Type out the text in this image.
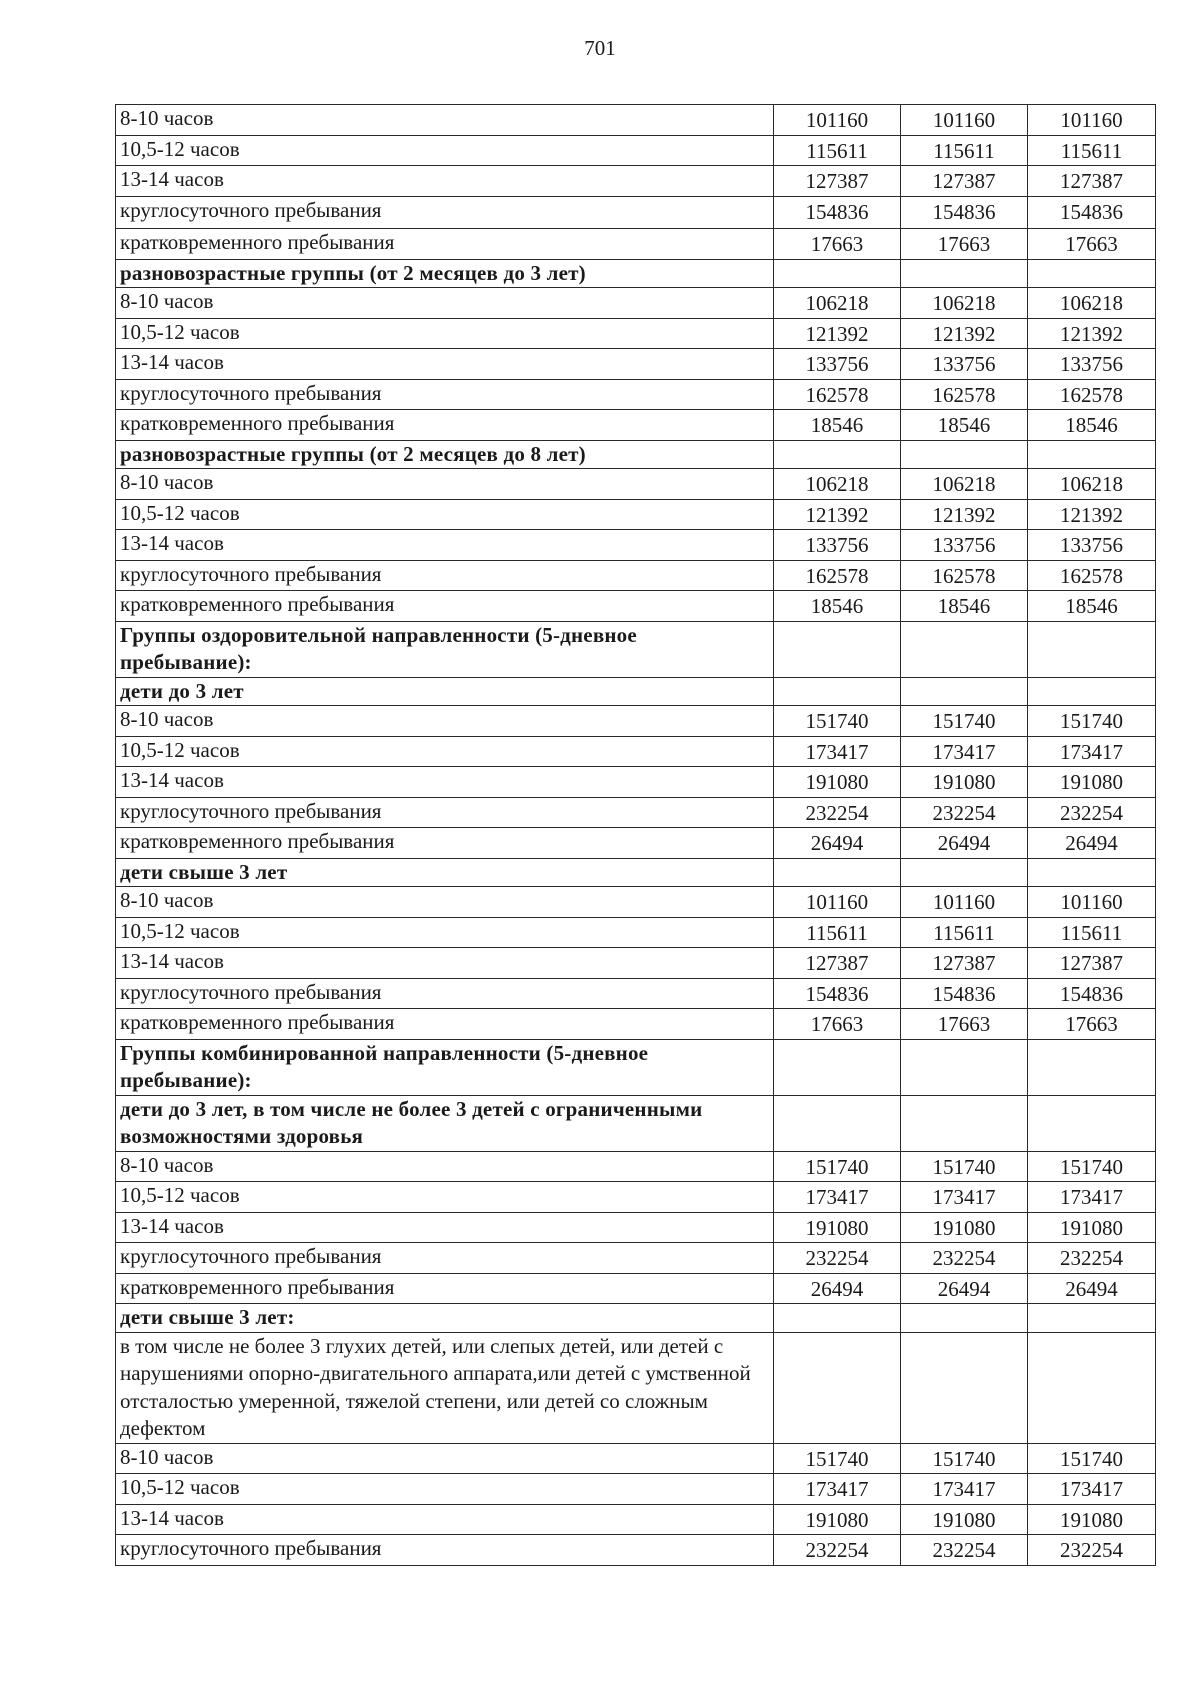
701
8-10 часов	101160	101160	101160
10,5-12 часов	115611	115611	115611
13-14 часов	127387	127387	127387
круглосуточного пребывания	154836	154836	154836
кратковременного пребывания	17663	17663	17663
разновозрастные группы (от 2 месяцев до 3 лет)			
8-10 часов	106218	106218	106218
10,5-12 часов	121392	121392	121392
13-14 часов	133756	133756	133756
круглосуточного пребывания	162578	162578	162578
кратковременного пребывания	18546	18546	18546
разновозрастные группы (от 2 месяцев до 8 лет)			
8-10 часов	106218	106218	106218
10,5-12 часов	121392	121392	121392
13-14 часов	133756	133756	133756
круглосуточного пребывания	162578	162578	162578
кратковременного пребывания	18546	18546	18546
Группы оздоровительной направленности (5-дневное пребывание):			
дети до 3 лет			
8-10 часов	151740	151740	151740
10,5-12 часов	173417	173417	173417
13-14 часов	191080	191080	191080
круглосуточного пребывания	232254	232254	232254
кратковременного пребывания	26494	26494	26494
дети свыше 3 лет			
8-10 часов	101160	101160	101160
10,5-12 часов	115611	115611	115611
13-14 часов	127387	127387	127387
круглосуточного пребывания	154836	154836	154836
кратковременного пребывания	17663	17663	17663
Группы комбинированной направленности (5-дневное пребывание):			
дети до 3 лет, в том числе не более 3 детей с ограниченными возможностями здоровья			
8-10 часов	151740	151740	151740
10,5-12 часов	173417	173417	173417
13-14 часов	191080	191080	191080
круглосуточного пребывания	232254	232254	232254
кратковременного пребывания	26494	26494	26494
дети свыше 3 лет:			
в том числе не более 3 глухих детей, или слепых детей, или детей с нарушениями опорно-двигательного аппарата,или детей с умственной отсталостью умеренной, тяжелой степени, или детей со сложным дефектом			
8-10 часов	151740	151740	151740
10,5-12 часов	173417	173417	173417
13-14 часов	191080	191080	191080
круглосуточного пребывания	232254	232254	232254
